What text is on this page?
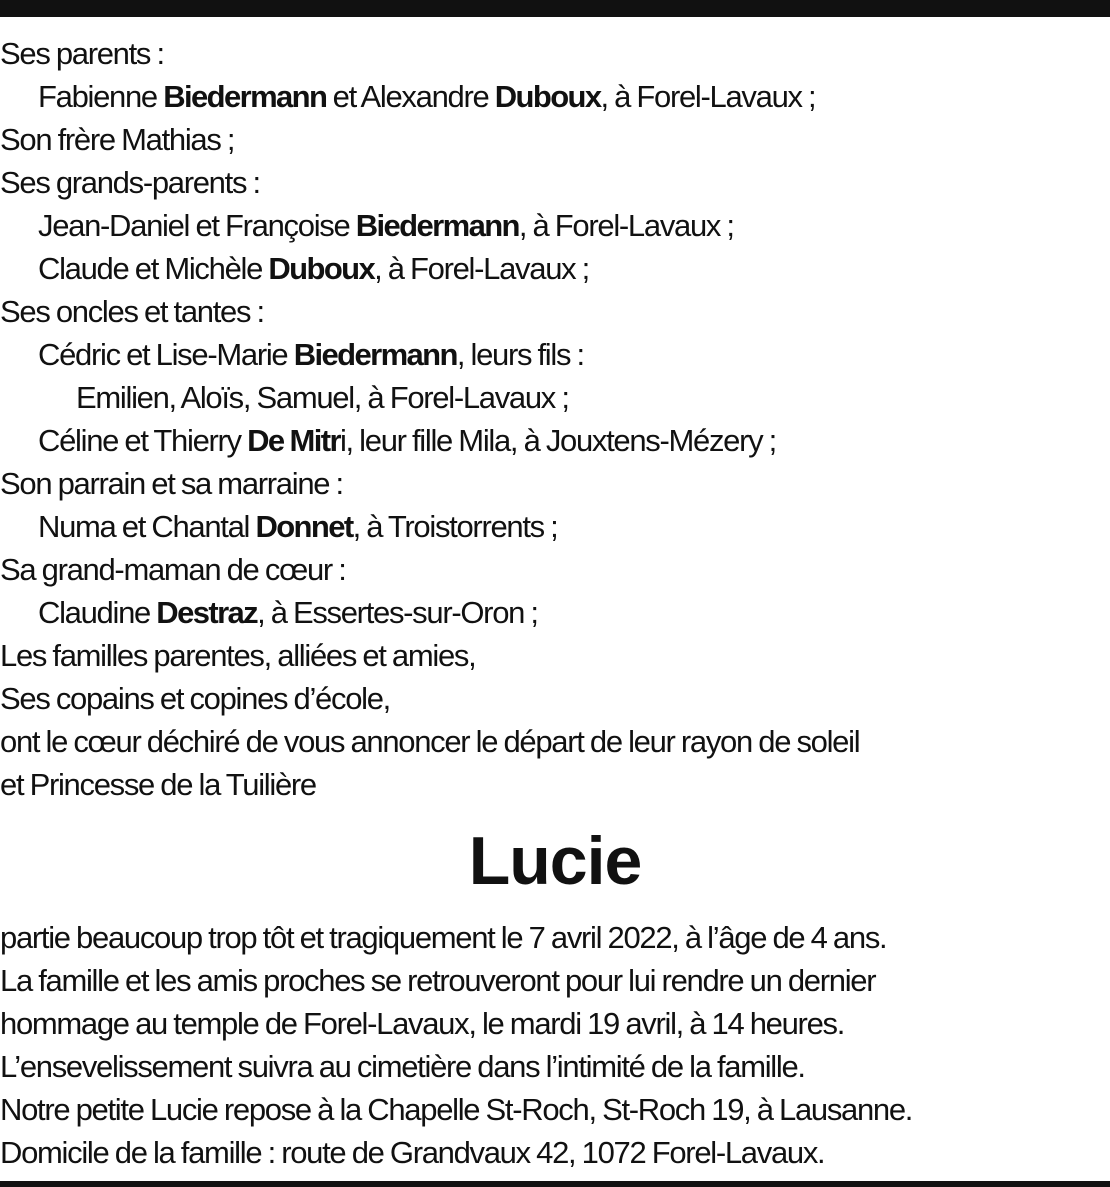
Ses parents :
Fabienne Biedermann et Alexandre Duboux, à Forel-Lavaux ;
Son frère Mathias ;
Ses grands-parents :
Jean-Daniel et Françoise Biedermann, à Forel-Lavaux ;
Claude et Michèle Duboux, à Forel-Lavaux ;
Ses oncles et tantes :
Cédric et Lise-Marie Biedermann, leurs fils :
Emilien, Aloïs, Samuel, à Forel-Lavaux ;
Céline et Thierry De Mitri, leur fille Mila, à Jouxtens-Mézery ;
Son parrain et sa marraine :
Numa et Chantal Donnet, à Troistorrents ;
Sa grand-maman de cœur :
Claudine Destraz, à Essertes-sur-Oron ;
Les familles parentes, alliées et amies,
Ses copains et copines d’école,
ont le cœur déchiré de vous annoncer le départ de leur rayon de soleil
et Princesse de la Tuilière
Lucie
partie beaucoup trop tôt et tragiquement le 7 avril 2022, à l’âge de 4 ans.
La famille et les amis proches se retrouveront pour lui rendre un dernier
hommage au temple de Forel-Lavaux, le mardi 19 avril, à 14 heures.
L’ensevelissement suivra au cimetière dans l’intimité de la famille.
Notre petite Lucie repose à la Chapelle St-Roch, St-Roch 19, à Lausanne.
Domicile de la famille : route de Grandvaux 42, 1072 Forel-Lavaux.
